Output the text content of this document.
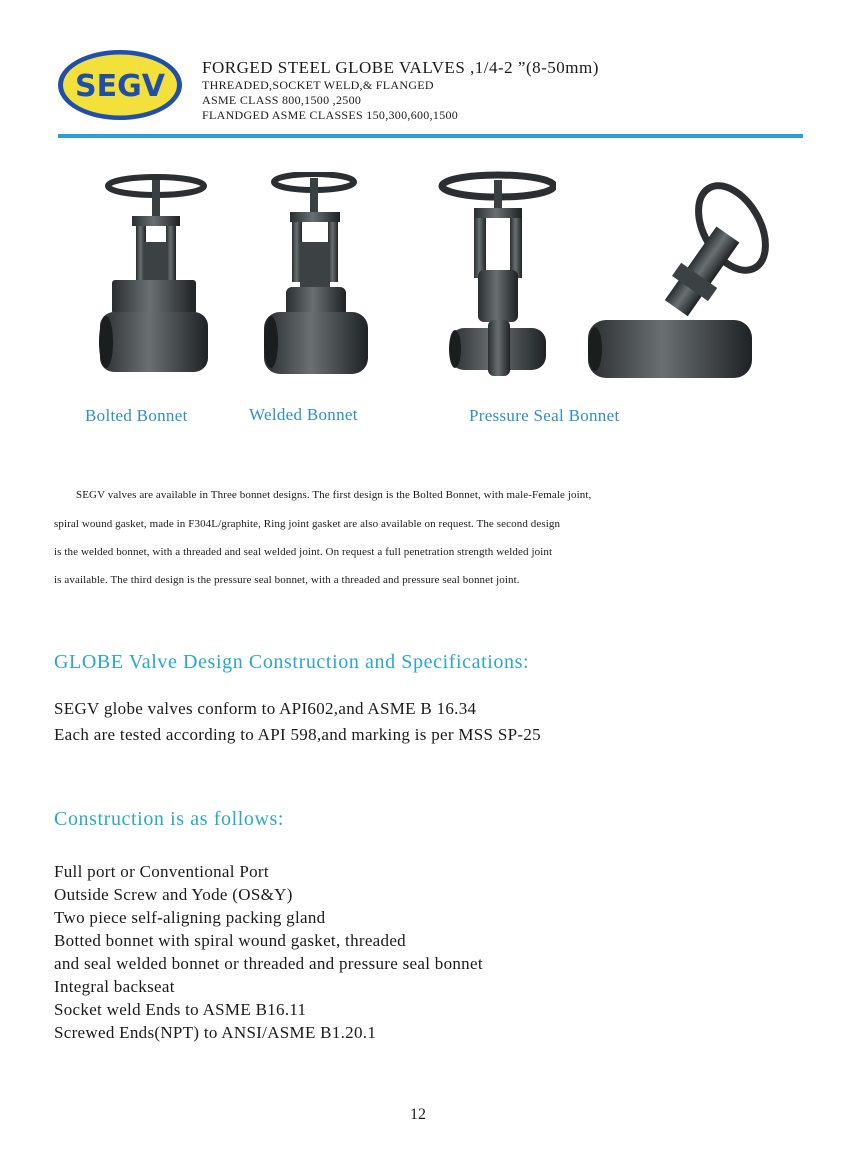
SEGV
FORGED STEEL GLOBE VALVES ,1/4-2 ”(8-50mm)
THREADED,SOCKET WELD,& FLANGED
ASME CLASS 800,1500 ,2500
FLANDGED ASME CLASSES 150,300,600,1500
Bolted Bonnet	Welded Bonnet	Pressure Seal Bonnet
SEGV valves are available in Three bonnet designs. The first design is the Bolted Bonnet, with male-Female joint,
spiral wound gasket, made in F304L/graphite, Ring joint gasket are also available on request. The second design
is the welded bonnet, with a threaded and seal welded joint. On request a full penetration strength welded joint
is available. The third design is the pressure seal bonnet, with a threaded and pressure seal bonnet joint.
GLOBE Valve Design Construction and Specifications:
SEGV globe valves conform to API602,and ASME B 16.34
Each are tested according to API 598,and marking is per MSS SP-25
Construction is as follows:
Full port or Conventional Port
Outside Screw and Yode (OS&Y)
Two piece self-aligning packing gland
Botted bonnet with spiral wound gasket, threaded
and seal welded bonnet or threaded and pressure seal bonnet
Integral backseat
Socket weld Ends to ASME B16.11
Screwed Ends(NPT) to ANSI/ASME B1.20.1
12
